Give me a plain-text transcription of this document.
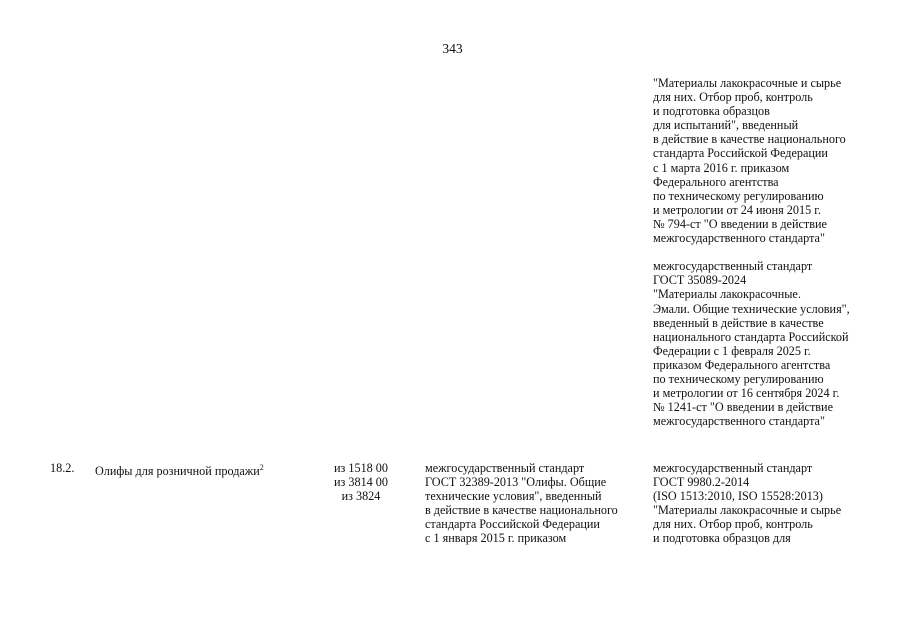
343
"Материалы лакокрасочные и сырье
для них. Отбор проб, контроль
и подготовка образцов
для испытаний", введенный
в действие в качестве национального
стандарта Российской Федерации
с 1 марта 2016 г. приказом
Федерального агентства
по техническому регулированию
и метрологии от 24 июня 2015 г.
№ 794-ст "О введении в действие
межгосударственного стандарта"
межгосударственный стандарт
ГОСТ 35089-2024
"Материалы лакокрасочные.
Эмали. Общие технические условия",
введенный в действие в качестве
национального стандарта Российской
Федерации с 1 февраля 2025 г.
приказом Федерального агентства
по техническому регулированию
и метрологии от 16 сентября 2024 г.
№ 1241-ст "О введении в действие
межгосударственного стандарта"
18.2. Олифы для розничной продажи$^2$	из 1518 00
из 3814 00
из 3824
межгосударственный стандарт
ГОСТ 32389-2013 "Олифы. Общие
технические условия", введенный
в действие в качестве национального
стандарта Российской Федерации
с 1 января 2015 г. приказом
межгосударственный стандарт
ГОСТ 9980.2-2014
(ISO 1513:2010, ISO 15528:2013)
"Материалы лакокрасочные и сырье
для них. Отбор проб, контроль
и подготовка образцов для
